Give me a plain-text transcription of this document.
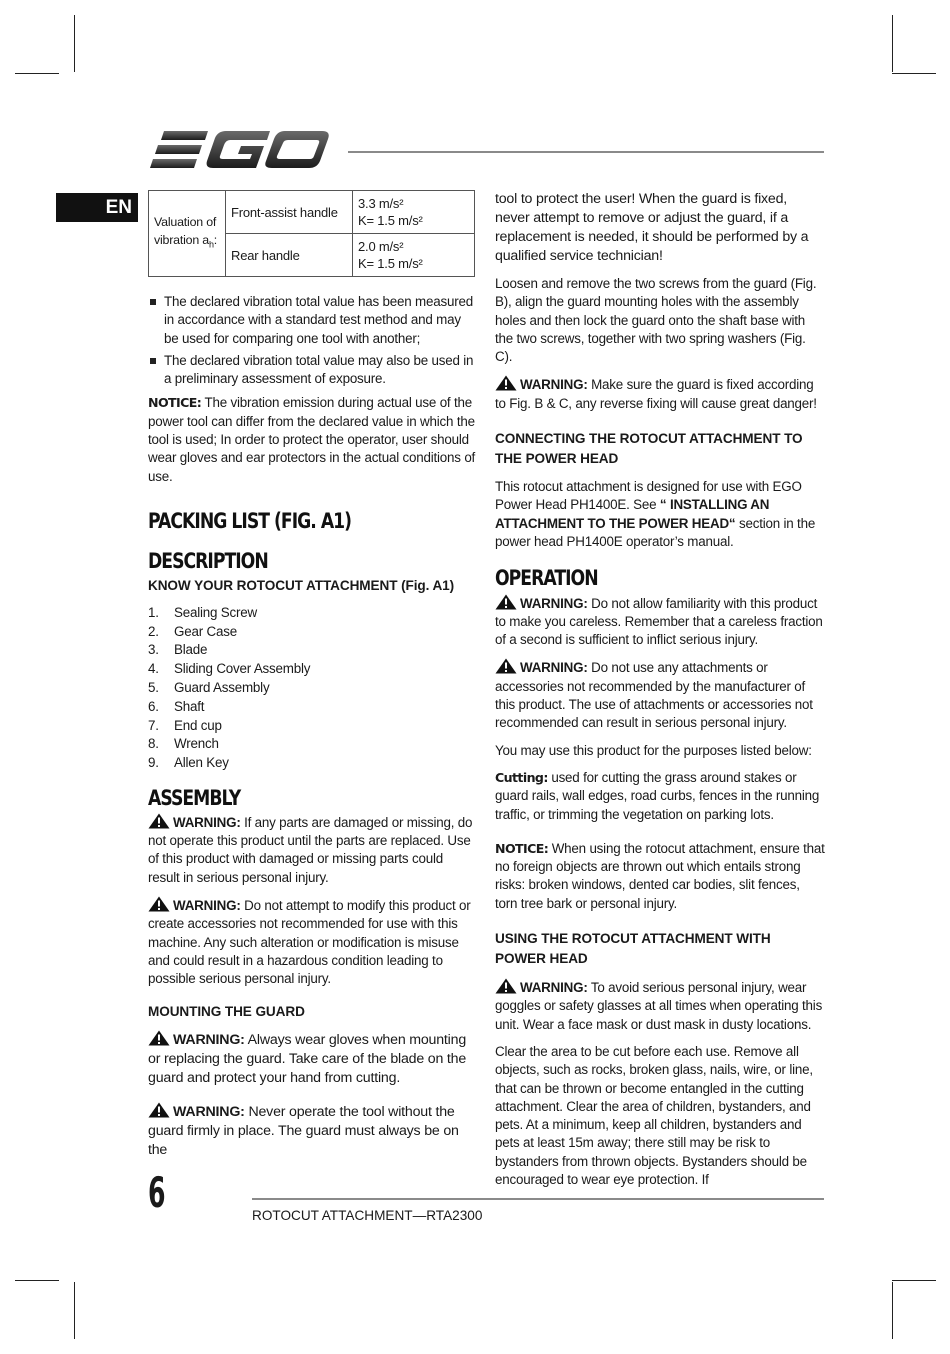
EN
Valuation of vibration $a_h$:	Front-assist handle	3.3 m/s²
K= 1.5 m/s²

	Rear handle	2.0 m/s²
K= 1.5 m/s²
The declared vibration total value has been measured in accordance with a standard test method and may be used for comparing one tool with another;
The declared vibration total value may also be used in a preliminary assessment of exposure.

NOTICE: The vibration emission during actual use of the power tool can differ from the declared value in which the tool is used; In order to protect the operator, user should wear gloves and ear protectors in the actual conditions of use.

PACKING LIST (FIG. A1)
DESCRIPTION
KNOW YOUR ROTOCUT ATTACHMENT (Fig. A1)
1.	Sealing Screw
2.	Gear Case
3.	Blade
4.	Sliding Cover Assembly
5.	Guard Assembly
6.	Shaft
7.	End cup
8.	Wrench
9.	Allen Key
ASSEMBLY

WARNING: If any parts are damaged or missing, do not operate this product until the parts are replaced. Use of this product with damaged or missing parts could result in serious personal injury.

WARNING: Do not attempt to modify this product or create accessories not recommended for use with this machine. Any such alteration or modification is misuse and could result in a hazardous condition leading to possible serious personal injury.

MOUNTING THE GUARD

WARNING: Always wear gloves when mounting or replacing the guard. Take care of the blade on the guard and protect your hand from cutting.

WARNING: Never operate the tool without the guard firmly in place. The guard must always be on the

tool to protect the user! When the guard is fixed, never attempt to remove or adjust the guard, if a replacement is needed, it should be performed by a qualified service technician!

Loosen and remove the two screws from the guard (Fig. B), align the guard mounting holes with the assembly holes and then lock the guard onto the shaft base with the two screws, together with two spring washers (Fig. C).

WARNING: Make sure the guard is fixed according to Fig. B & C, any reverse fixing will cause great danger!

CONNECTING THE ROTOCUT ATTACHMENT TO THE POWER HEAD

This rotocut attachment is designed for use with EGO Power Head PH1400E. See “ INSTALLING AN ATTACHMENT TO THE POWER HEAD“ section in the power head PH1400E operator’s manual.

OPERATION

WARNING: Do not allow familiarity with this product to make you careless. Remember that a careless fraction of a second is sufficient to inflict serious injury.

WARNING: Do not use any attachments or accessories not recommended by the manufacturer of this product. The use of attachments or accessories not recommended can result in serious personal injury.

You may use this product for the purposes listed below:

Cutting: used for cutting the grass around stakes or guard rails, wall edges, road curbs, fences in the running traffic, or trimming the vegetation on parking lots.

NOTICE: When using the rotocut attachment, ensure that no foreign objects are thrown out which entails strong risks: broken windows, dented car bodies, slit fences, torn tree bark or personal injury.

USING THE ROTOCUT ATTACHMENT WITH POWER HEAD

WARNING: To avoid serious personal injury, wear goggles or safety glasses at all times when operating this unit. Wear a face mask or dust mask in dusty locations.

Clear the area to be cut before each use. Remove all objects, such as rocks, broken glass, nails, wire, or line, that can be thrown or become entangled in the cutting attachment. Clear the area of children, bystanders, and pets. At a minimum, keep all children, bystanders and pets at least 15m away; there still may be risk to bystanders from thrown objects. Bystanders should be encouraged to wear eye protection. If

6	ROTOCUT ATTACHMENT—RTA2300
